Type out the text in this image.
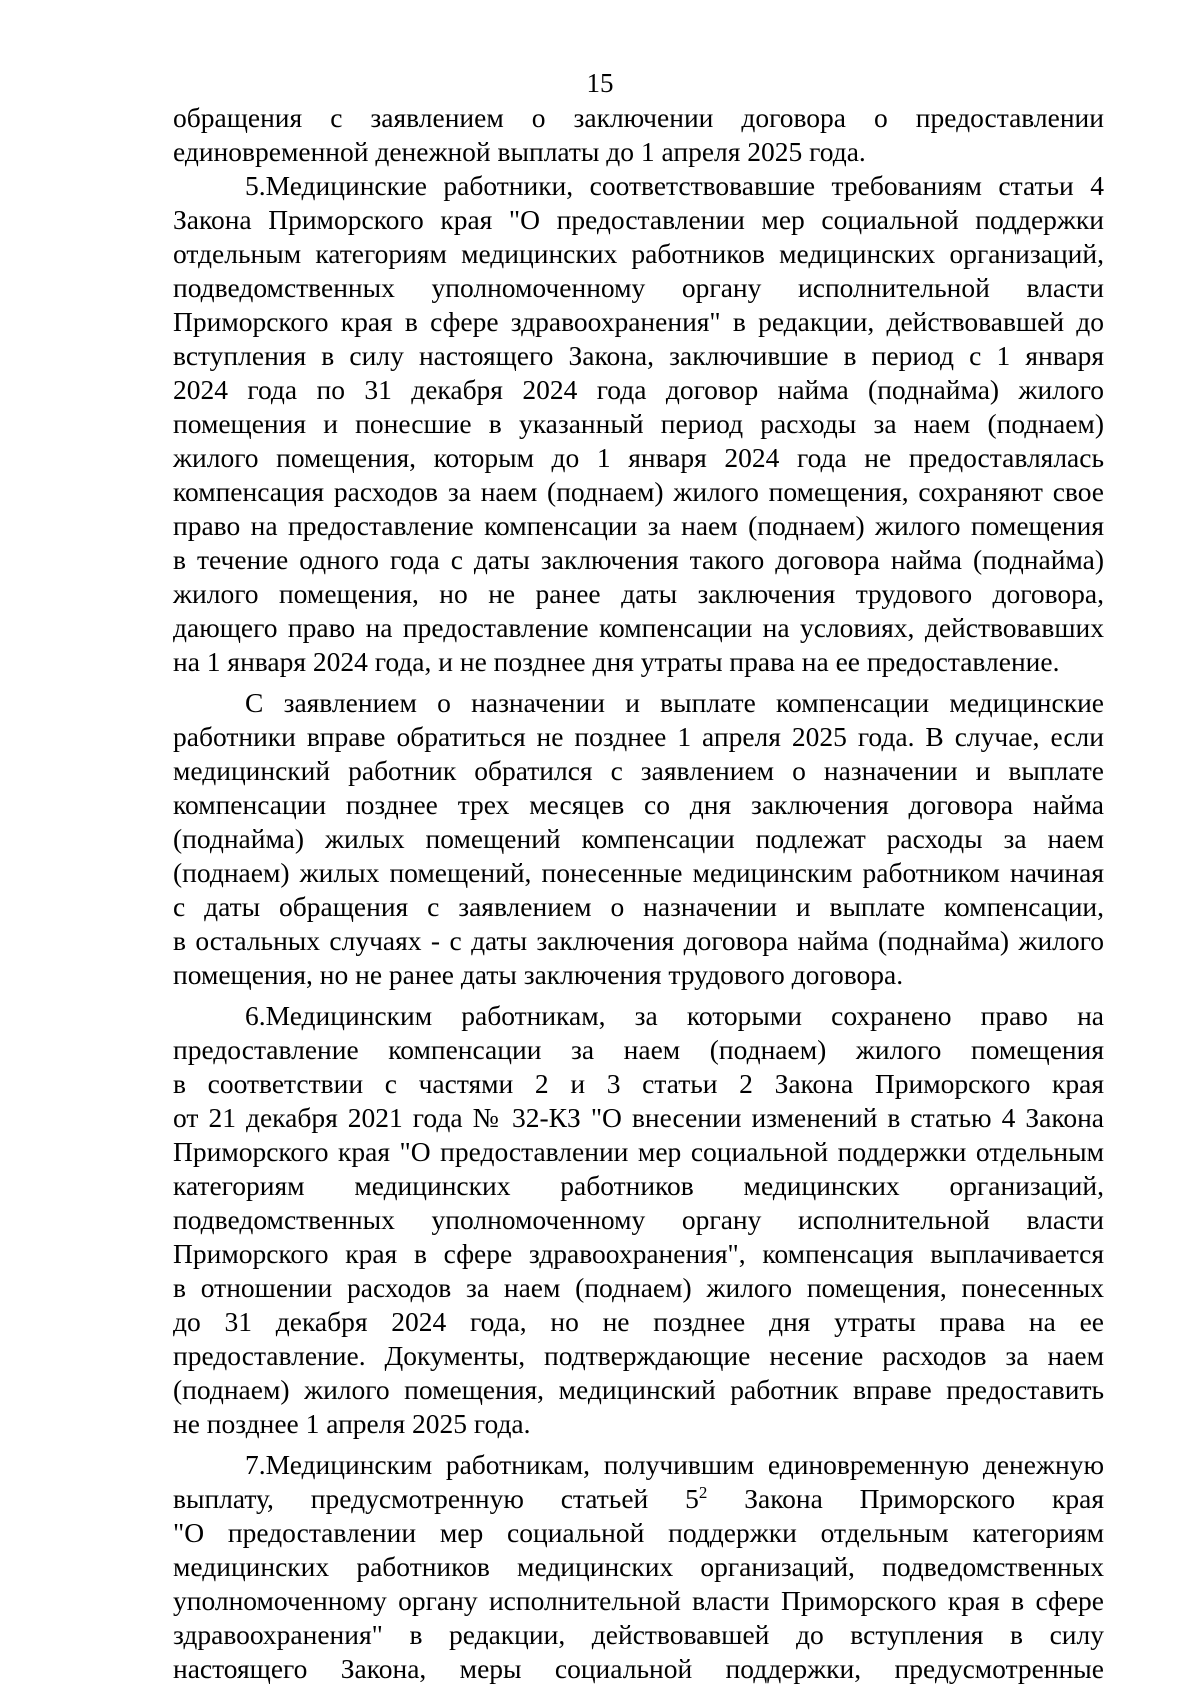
15
обращения с заявлением о заключении договора о предоставлении
единовременной денежной выплаты до 1 апреля 2025 года.
5.Медицинские работники, соответствовавшие требованиям статьи 4
Закона Приморского края "О предоставлении мер социальной поддержки
отдельным категориям медицинских работников медицинских организаций,
подведомственных уполномоченному органу исполнительной власти
Приморского края в сфере здравоохранения" в редакции, действовавшей до
вступления в силу настоящего Закона, заключившие в период с 1 января
2024 года по 31 декабря 2024 года договор найма (поднайма) жилого
помещения и понесшие в указанный период расходы за наем (поднаем)
жилого помещения, которым до 1 января 2024 года не предоставлялась
компенсация расходов за наем (поднаем) жилого помещения, сохраняют свое
право на предоставление компенсации за наем (поднаем) жилого помещения
в течение одного года с даты заключения такого договора найма (поднайма)
жилого помещения, но не ранее даты заключения трудового договора,
дающего право на предоставление компенсации на условиях, действовавших
на 1 января 2024 года, и не позднее дня утраты права на ее предоставление.
С заявлением о назначении и выплате компенсации медицинские
работники вправе обратиться не позднее 1 апреля 2025 года. В случае, если
медицинский работник обратился с заявлением о назначении и выплате
компенсации позднее трех месяцев со дня заключения договора найма
(поднайма) жилых помещений компенсации подлежат расходы за наем
(поднаем) жилых помещений, понесенные медицинским работником начиная
с даты обращения с заявлением о назначении и выплате компенсации,
в остальных случаях - с даты заключения договора найма (поднайма) жилого
помещения, но не ранее даты заключения трудового договора.
6.Медицинским работникам, за которыми сохранено право на
предоставление компенсации за наем (поднаем) жилого помещения
в соответствии с частями 2 и 3 статьи 2 Закона Приморского края
от 21 декабря 2021 года № 32-КЗ "О внесении изменений в статью 4 Закона
Приморского края "О предоставлении мер социальной поддержки отдельным
категориям медицинских работников медицинских организаций,
подведомственных уполномоченному органу исполнительной власти
Приморского края в сфере здравоохранения", компенсация выплачивается
в отношении расходов за наем (поднаем) жилого помещения, понесенных
до 31 декабря 2024 года, но не позднее дня утраты права на ее
предоставление. Документы, подтверждающие несение расходов за наем
(поднаем) жилого помещения, медицинский работник вправе предоставить
не позднее 1 апреля 2025 года.
7.Медицинским работникам, получившим единовременную денежную
выплату, предусмотренную статьей $5^2$ Закона Приморского края
"О предоставлении мер социальной поддержки отдельным категориям
медицинских работников медицинских организаций, подведомственных
уполномоченному органу исполнительной власти Приморского края в сфере
здравоохранения" в редакции, действовавшей до вступления в силу
настоящего Закона, меры социальной поддержки, предусмотренные
